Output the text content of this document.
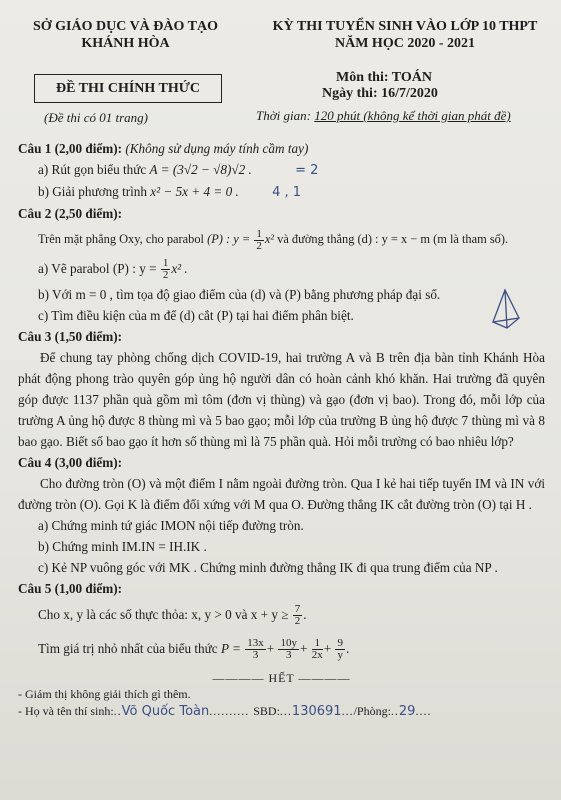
SỞ GIÁO DỤC VÀ ĐÀO TẠO
KHÁNH HÒA
ĐỀ THI CHÍNH THỨC
(Đề thi có 01 trang)
KỲ THI TUYỂN SINH VÀO LỚP 10 THPT
NĂM HỌC 2020 - 2021
Môn thi: TOÁN
Ngày thi: 16/7/2020
Thời gian: 120 phút (không kể thời gian phát đề)
Câu 1 (2,00 điểm): (Không sử dụng máy tính cầm tay)
a) Rút gọn biểu thức A = (3√2 − √8)√2 .	= 2
b) Giải phương trình x² − 5x + 4 = 0 .	4 , 1
Câu 2 (2,50 điểm):
Trên mặt phẳng Oxy, cho parabol (P) : $y = \frac{1}{2} x^2$ và đường thẳng (d) : y = x − m (m là tham số).
a) Vẽ parabol (P) : $y = \frac{1}{2} x^2$ .
b) Với m = 0 , tìm tọa độ giao điểm của (d) và (P) bằng phương pháp đại số.
c) Tìm điều kiện của m để (d) cắt (P) tại hai điểm phân biệt.
Câu 3 (1,50 điểm):

Để chung tay phòng chống dịch COVID-19, hai trường A và B trên địa bàn tỉnh Khánh Hòa phát động phong trào quyên góp ủng hộ người dân có hoàn cảnh khó khăn. Hai trường đã quyên góp được 1137 phần quà gồm mì tôm (đơn vị thùng) và gạo (đơn vị bao). Trong đó, mỗi lớp của trường A ủng hộ được 8 thùng mì và 5 bao gạo; mỗi lớp của trường B ủng hộ được 7 thùng mì và 8 bao gạo. Biết số bao gạo ít hơn số thùng mì là 75 phần quà. Hỏi mỗi trường có bao nhiêu lớp?

Câu 4 (3,00 điểm):

Cho đường tròn (O) và một điểm I nằm ngoài đường tròn. Qua I kẻ hai tiếp tuyến IM và IN với đường tròn (O). Gọi K là điểm đối xứng với M qua O. Đường thẳng IK cắt đường tròn (O) tại H .

a) Chứng minh tứ giác IMON nội tiếp đường tròn.
b) Chứng minh IM.IN = IH.IK .
c) Kẻ NP vuông góc với MK . Chứng minh đường thẳng IK đi qua trung điểm của NP .
Câu 5 (1,00 điểm):
Cho x, y là các số thực thỏa: x, y > 0 và $x + y \ge \frac{7}{2}$ .
Tìm giá trị nhỏ nhất của biểu thức $P = \frac{13x}{3} + \frac{10y}{3} + \frac{1}{2x} + \frac{9}{y}$ .
———— HẾT ————
- Giám thị không giải thích gì thêm.
- Họ và tên thí sinh:..Võ Quốc Toàn.......... SBD:...130691.../Phòng:..29....
